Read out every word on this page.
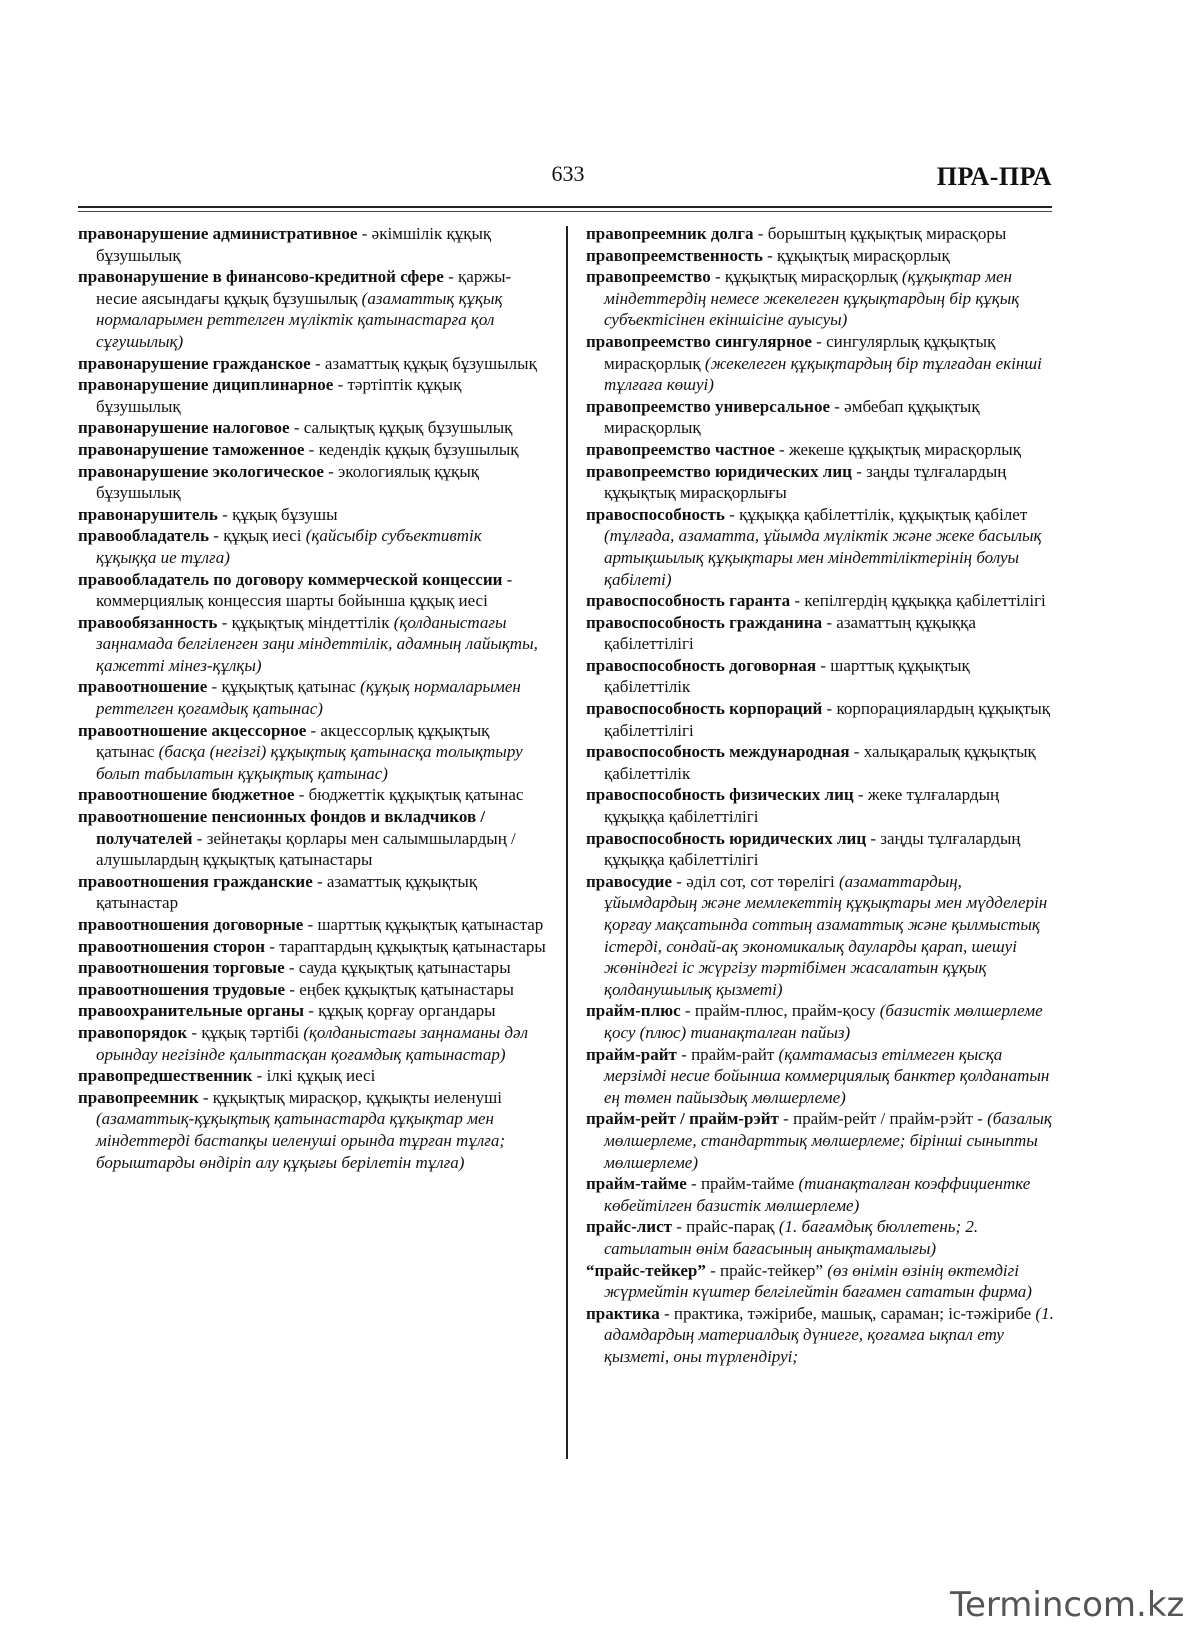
633	ПРА-ПРА

правонарушение административное - әкімшілік құқық бұзушылық

правонарушение в финансово-кредитной сфере - қаржы-несие аясындағы құқық бұзушылық (азаматтық құқық нормаларымен реттелген мүліктік қатынастарға қол сұғушылық)

правонарушение гражданское - азаматтық құқық бұзушылық

правонарушение дициплинарное - тәртіптік құқық бұзушылық

правонарушение налоговое - салықтық құқық бұзушылық

правонарушение таможенное - кедендік құқық бұзушылық

правонарушение экологическое - экологиялық құқық бұзушылық

правонарушитель - құқық бұзушы

правообладатель - құқық иесі (қайсыбір субъективтік құқыққа ие тұлға)

правообладатель по договору коммерческой концессии - коммерциялық концессия шарты бойынша құқық иесі

правообязанность - құқықтық міндеттілік (қолданыстағы заңнамада белгіленген заңи міндеттілік, адамның лайықты, қажетті мінез-құлқы)

правоотношение - құқықтық қатынас (құқық нормаларымен реттелген қоғамдық қатынас)

правоотношение акцессорное - акцессорлық құқықтық қатынас (басқа (негізгі) құқықтық қатынасқа толықтыру болып табылатын құқықтық қатынас)

правоотношение бюджетное - бюджеттік құқықтық қатынас

правоотношение пенсионных фондов и вкладчиков / получателей - зейнетақы қорлары мен салымшылардың / алушылардың құқықтық қатынастары

правоотношения гражданские - азаматтық құқықтық қатынастар

правоотношения договорные - шарттық құқықтық қатынастар

правоотношения сторон - тараптардың құқықтық қатынастары

правоотношения торговые - сауда құқықтық қатынастары

правоотношения трудовые - еңбек құқықтық қатынастары

правоохранительные органы - құқық қорғау органдары

правопорядок - құқық тәртібі (қолданыстағы заңнаманы дәл орындау негізінде қалыптасқан қоғамдық қатынастар)

правопредшественник - ілкі құқық иесі

правопреемник - құқықтық мирасқор, құқықты иеленуші (азаматтық-құқықтық қатынастарда құқықтар мен міндеттерді бастапқы иеленуші орында тұрған тұлға; борыштарды өндіріп алу құқығы берілетін тұлға)

правопреемник долга - борыштың құқықтық мирасқоры

правопреемственность - құқықтық мирасқорлық

правопреемство - құқықтық мирасқорлық (құқықтар мен міндеттердің немесе жекелеген құқықтардың бір құқық субъектісінен екіншісіне ауысуы)

правопреемство сингулярное - сингулярлық құқықтық мирасқорлық (жекелеген құқықтардың бір тұлғадан екінші тұлғаға көшуі)

правопреемство универсальное - әмбебап құқықтық мирасқорлық

правопреемство частное - жекеше құқықтық мирасқорлық

правопреемство юридических лиц - заңды тұлғалардың құқықтық мирасқорлығы

правоспособность - құқыққа қабілеттілік, құқықтық қабілет (тұлғада, азаматта, ұйымда мүліктік және жеке басылық артықшылық құқықтары мен міндеттіліктерінің болуы қабілеті)

правоспособность гаранта - кепілгердің құқыққа қабілеттілігі

правоспособность гражданина - азаматтың құқыққа қабілеттілігі

правоспособность договорная - шарттық құқықтық қабілеттілік

правоспособность корпораций - корпорациялардың құқықтық қабілеттілігі

правоспособность международная - халықаралық құқықтық қабілеттілік

правоспособность физических лиц - жеке тұлғалардың құқыққа қабілеттілігі

правоспособность юридических лиц - заңды тұлғалардың құқыққа қабілеттілігі

правосудие - әділ сот, сот төрелігі (азаматтардың, ұйымдардың және мемлекеттің құқықтары мен мүдделерін қорғау мақсатында соттың азаматтық және қылмыстық істерді, сондай-ақ экономикалық дауларды қарап, шешуі жөніндегі іс жүргізу тәртібімен жасалатын құқық қолданушылық қызметі)

прайм-плюс - прайм-плюс, прайм-қосу (базистік мөлшерлеме қосу (плюс) тианақталған пайыз)

прайм-райт - прайм-райт (қамтамасыз етілмеген қысқа мерзімді несие бойынша коммерциялық банктер қолданатын ең төмен пайыздық мөлшерлеме)

прайм-рейт / прайм-рэйт - прайм-рейт / прайм-рэйт - (базалық мөлшерлеме, стандарттық мөлшерлеме; бірінші сыныпты мөлшерлеме)

прайм-тайме - прайм-тайме (тианақталған коэффициентке көбейтілген базистік мөлшерлеме)

прайс-лист - прайс-парақ (1. бағамдық бюллетень; 2. сатылатын өнім бағасының анықтамалығы)

“прайс-тейкер” - прайс-тейкер” (өз өнімін өзінің өктемдігі жүрмейтін күштер белгілейтін бағамен сататын фирма)

практика - практика, тәжірибе, машық, сараман; іс-тәжірибе (1. адамдардың материалдық дүниеге, қоғамға ықпал ету қызметі, оны түрлендіруі;

Termincom.kz
